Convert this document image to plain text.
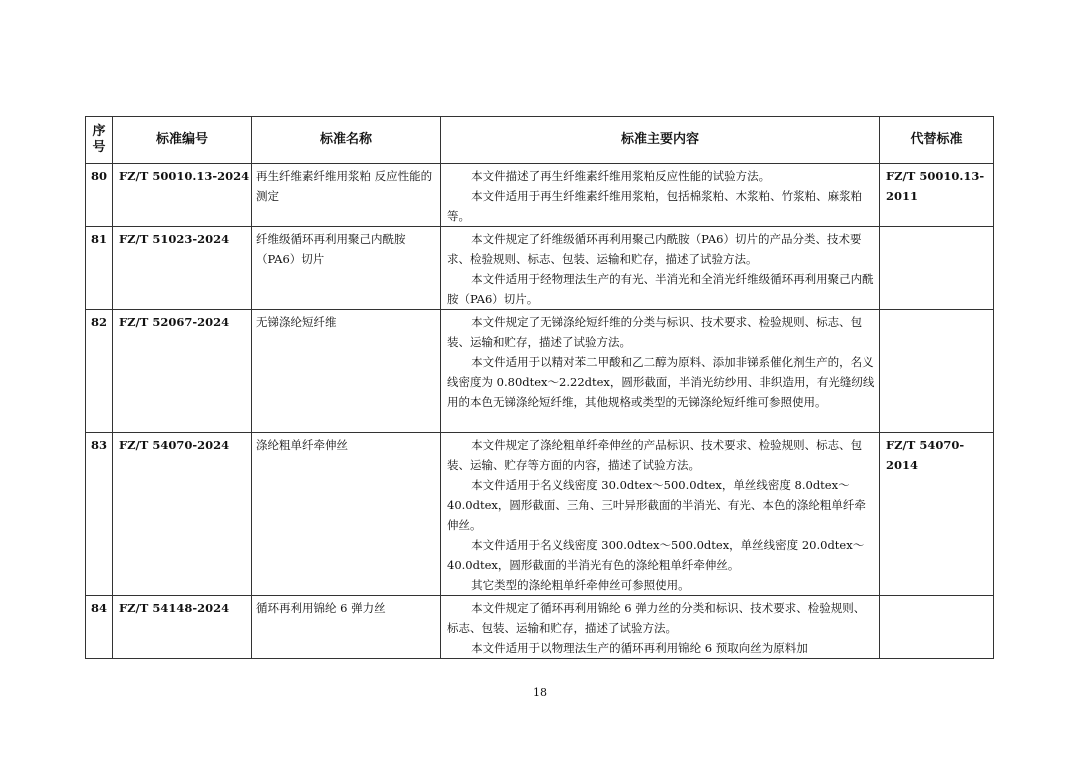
序
号	标准编号	标准名称	标准主要内容	代替标准
80	FZ/T 50010.13-2024	再生纤维素纤维用浆粕 反应性能的测定	本文件描述了再生纤维素纤维用浆粕反应性能的试验方法。

本文件适用于再生纤维素纤维用浆粕，包括棉浆粕、木浆粕、竹浆粕、麻浆粕等。	FZ/T 50010.13-2011
81	FZ/T 51023-2024	纤维级循环再利用聚己内酰胺（PA6）切片	本文件规定了纤维级循环再利用聚己内酰胺（PA6）切片的产品分类、技术要求、检验规则、标志、包装、运输和贮存，描述了试验方法。

本文件适用于经物理法生产的有光、半消光和全消光纤维级循环再利用聚己内酰胺（PA6）切片。	

82	FZ/T 52067-2024	无锑涤纶短纤维	本文件规定了无锑涤纶短纤维的分类与标识、技术要求、检验规则、标志、包装、运输和贮存，描述了试验方法。

本文件适用于以精对苯二甲酸和乙二醇为原料、添加非锑系催化剂生产的，名义线密度为 0.80dtex～2.22dtex，圆形截面，半消光纺纱用、非织造用，有光缝纫线用的本色无锑涤纶短纤维，其他规格或类型的无锑涤纶短纤维可参照使用。	

83	FZ/T 54070-2024	涤纶粗单纤牵伸丝	本文件规定了涤纶粗单纤牵伸丝的产品标识、技术要求、检验规则、标志、包装、运输、贮存等方面的内容，描述了试验方法。

本文件适用于名义线密度 30.0dtex～500.0dtex，单丝线密度 8.0dtex～40.0dtex，圆形截面、三角、三叶异形截面的半消光、有光、本色的涤纶粗单纤牵伸丝。

本文件适用于名义线密度 300.0dtex～500.0dtex，单丝线密度 20.0dtex～40.0dtex，圆形截面的半消光有色的涤纶粗单纤牵伸丝。

其它类型的涤纶粗单纤牵伸丝可参照使用。	FZ/T 54070-2014
84	FZ/T 54148-2024	循环再利用锦纶 6 弹力丝	本文件规定了循环再利用锦纶 6 弹力丝的分类和标识、技术要求、检验规则、标志、包装、运输和贮存，描述了试验方法。

本文件适用于以物理法生产的循环再利用锦纶 6 预取向丝为原料加	

18
